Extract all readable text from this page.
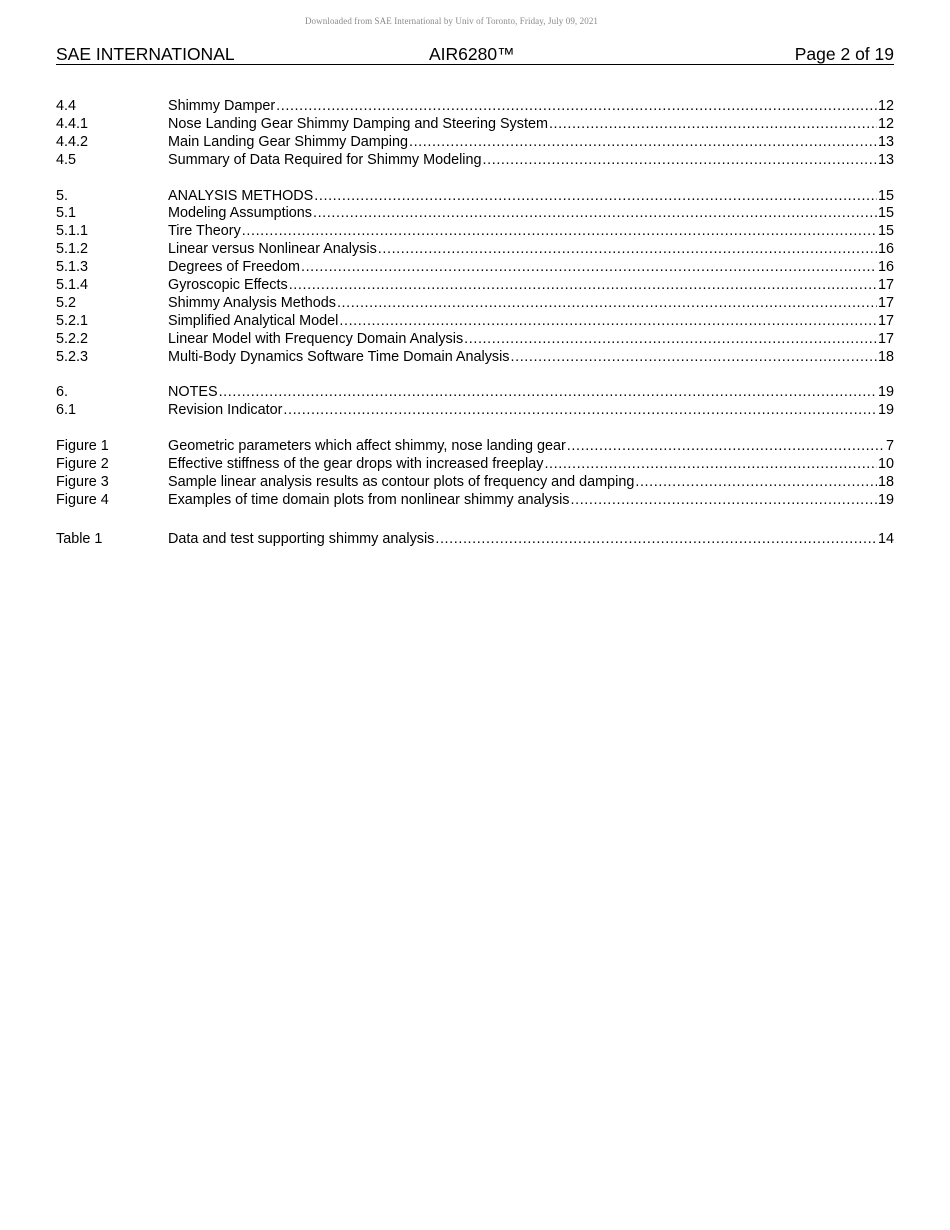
Downloaded from SAE International by Univ of Toronto, Friday, July 09, 2021
SAE INTERNATIONAL	AIR6280™	Page 2 of 19
4.4	Shimmy Damper .....	12
4.4.1	Nose Landing Gear Shimmy Damping and Steering System .....	12
4.4.2	Main Landing Gear Shimmy Damping .....	13
4.5	Summary of Data Required for Shimmy Modeling .....	13
5.	ANALYSIS METHODS .....	15
5.1	Modeling Assumptions .....	15
5.1.1	Tire Theory .....	15
5.1.2	Linear versus Nonlinear Analysis .....	16
5.1.3	Degrees of Freedom .....	16
5.1.4	Gyroscopic Effects .....	17
5.2	Shimmy Analysis Methods .....	17
5.2.1	Simplified Analytical Model .....	17
5.2.2	Linear Model with Frequency Domain Analysis .....	17
5.2.3	Multi-Body Dynamics Software Time Domain Analysis .....	18
6.	NOTES .....	19
6.1	Revision Indicator .....	19
Figure 1	Geometric parameters which affect shimmy, nose landing gear .....	7
Figure 2	Effective stiffness of the gear drops with increased freeplay .....	10
Figure 3	Sample linear analysis results as contour plots of frequency and damping .....	18
Figure 4	Examples of time domain plots from nonlinear shimmy analysis .....	19
Table 1	Data and test supporting shimmy analysis .....	14
